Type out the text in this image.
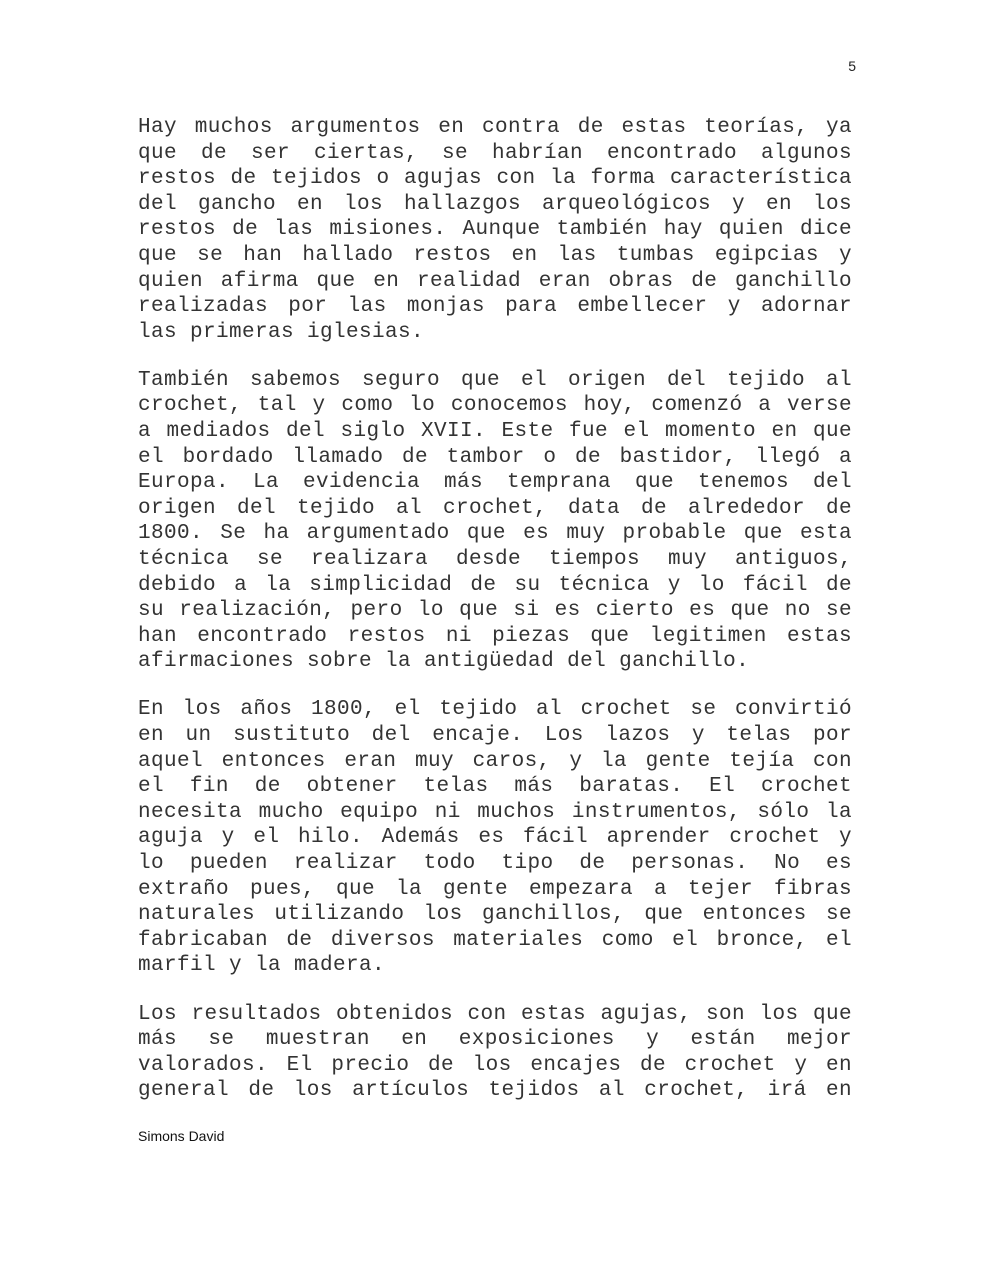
5

Hay muchos argumentos en contra de estas teorías, ya
que de ser ciertas, se habrían encontrado algunos
restos de tejidos o agujas con la forma característica
del gancho en los hallazgos arqueológicos y en los
restos de las misiones. Aunque también hay quien dice
que se han hallado restos en las tumbas egipcias y
quien afirma que en realidad eran obras de ganchillo
realizadas por las monjas para embellecer y adornar
las primeras iglesias.

También sabemos seguro que el origen del tejido al
crochet, tal y como lo conocemos hoy, comenzó a verse
a mediados del siglo XVII. Este fue el momento en que
el bordado llamado de tambor o de bastidor, llegó a
Europa. La evidencia más temprana que tenemos del
origen del tejido al crochet, data de alrededor de
1800. Se ha argumentado que es muy probable que esta
técnica se realizara desde tiempos muy antiguos,
debido a la simplicidad de su técnica y lo fácil de
su realización, pero lo que si es cierto es que no se
han encontrado restos ni piezas que legitimen estas
afirmaciones sobre la antigüedad del ganchillo.

En los años 1800, el tejido al crochet se convirtió
en un sustituto del encaje. Los lazos y telas por
aquel entonces eran muy caros, y la gente tejía con
el fin de obtener telas más baratas. El crochet
necesita mucho equipo ni muchos instrumentos, sólo la
aguja y el hilo. Además es fácil aprender crochet y
lo pueden realizar todo tipo de personas. No es
extraño pues, que la gente empezara a tejer fibras
naturales utilizando los ganchillos, que entonces se
fabricaban de diversos materiales como el bronce, el
marfil y la madera.

Los resultados obtenidos con estas agujas, son los que
más se muestran en exposiciones y están mejor
valorados. El precio de los encajes de crochet y en
general de los artículos tejidos al crochet, irá en

Simons David
